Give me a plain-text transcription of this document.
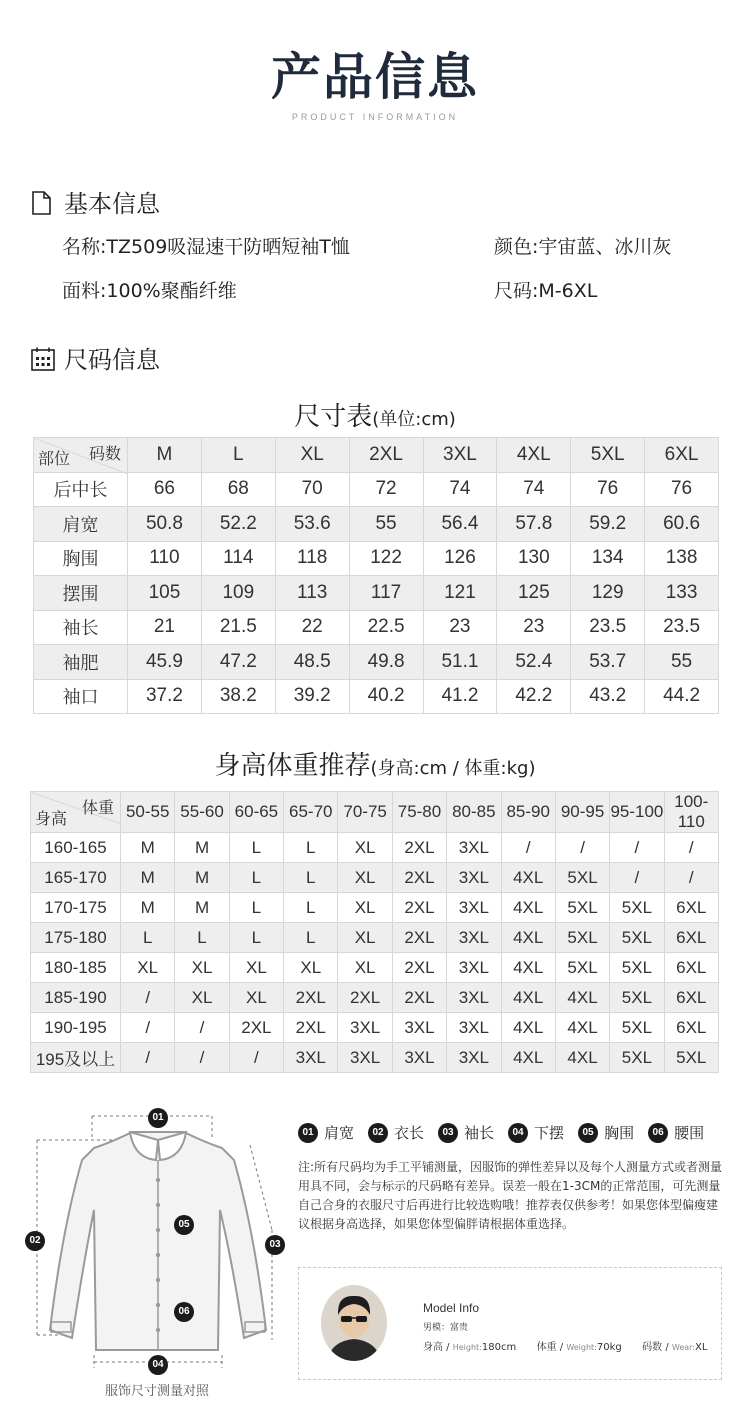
产品信息
PRODUCT INFORMATION
基本信息
名称:TZ509吸湿速干防晒短袖T恤	颜色:宇宙蓝、冰川灰
面料:100%聚酯纤维	尺码:M-6XL
尺码信息
尺寸表(单位:cm)
码数
部位	M	L	XL	2XL	3XL	4XL	5XL	6XL
后中长	66	68	70	72	74	74	76	76
肩宽	50.8	52.2	53.6	55	56.4	57.8	59.2	60.6
胸围	110	114	118	122	126	130	134	138
摆围	105	109	113	117	121	125	129	133
袖长	21	21.5	22	22.5	23	23	23.5	23.5
袖肥	45.9	47.2	48.5	49.8	51.1	52.4	53.7	55
袖口	37.2	38.2	39.2	40.2	41.2	42.2	43.2	44.2
身高体重推荐(身高:cm / 体重:kg)
体重
身高	50-55	55-60	60-65	65-70	70-75	75-80	80-85	85-90	90-95	95-100	100-110
160-165	M	M	L	L	XL	2XL	3XL	/	/	/	/
165-170	M	M	L	L	XL	2XL	3XL	4XL	5XL	/	/
170-175	M	M	L	L	XL	2XL	3XL	4XL	5XL	5XL	6XL
175-180	L	L	L	L	XL	2XL	3XL	4XL	5XL	5XL	6XL
180-185	XL	XL	XL	XL	XL	2XL	3XL	4XL	5XL	5XL	6XL
185-190	/	XL	XL	2XL	2XL	2XL	3XL	4XL	4XL	5XL	6XL
190-195	/	/	2XL	2XL	3XL	3XL	3XL	4XL	4XL	5XL	6XL
195及以上	/	/	/	3XL	3XL	3XL	3XL	4XL	4XL	5XL	5XL
01
02	03
04
05
06
服饰尺寸测量对照
01 肩宽	02 衣长	03 袖长	04 下摆	05 胸围	06 腰围
注:所有尺码均为手工平铺测量，因服饰的弹性差异以及每个人测量方式或者测量用具不同，会与标示的尺码略有差异。误差一般在1-3CM的正常范围，可先测量自己合身的衣服尺寸后再进行比较选购哦！推荐表仅供参考！如果您体型偏瘦建议根据身高选择，如果您体型偏胖请根据体重选择。
Model Info
男模：富贵
身高 / Height:180cm 体重 / Weight:70kg 码数 / Wear:XL
